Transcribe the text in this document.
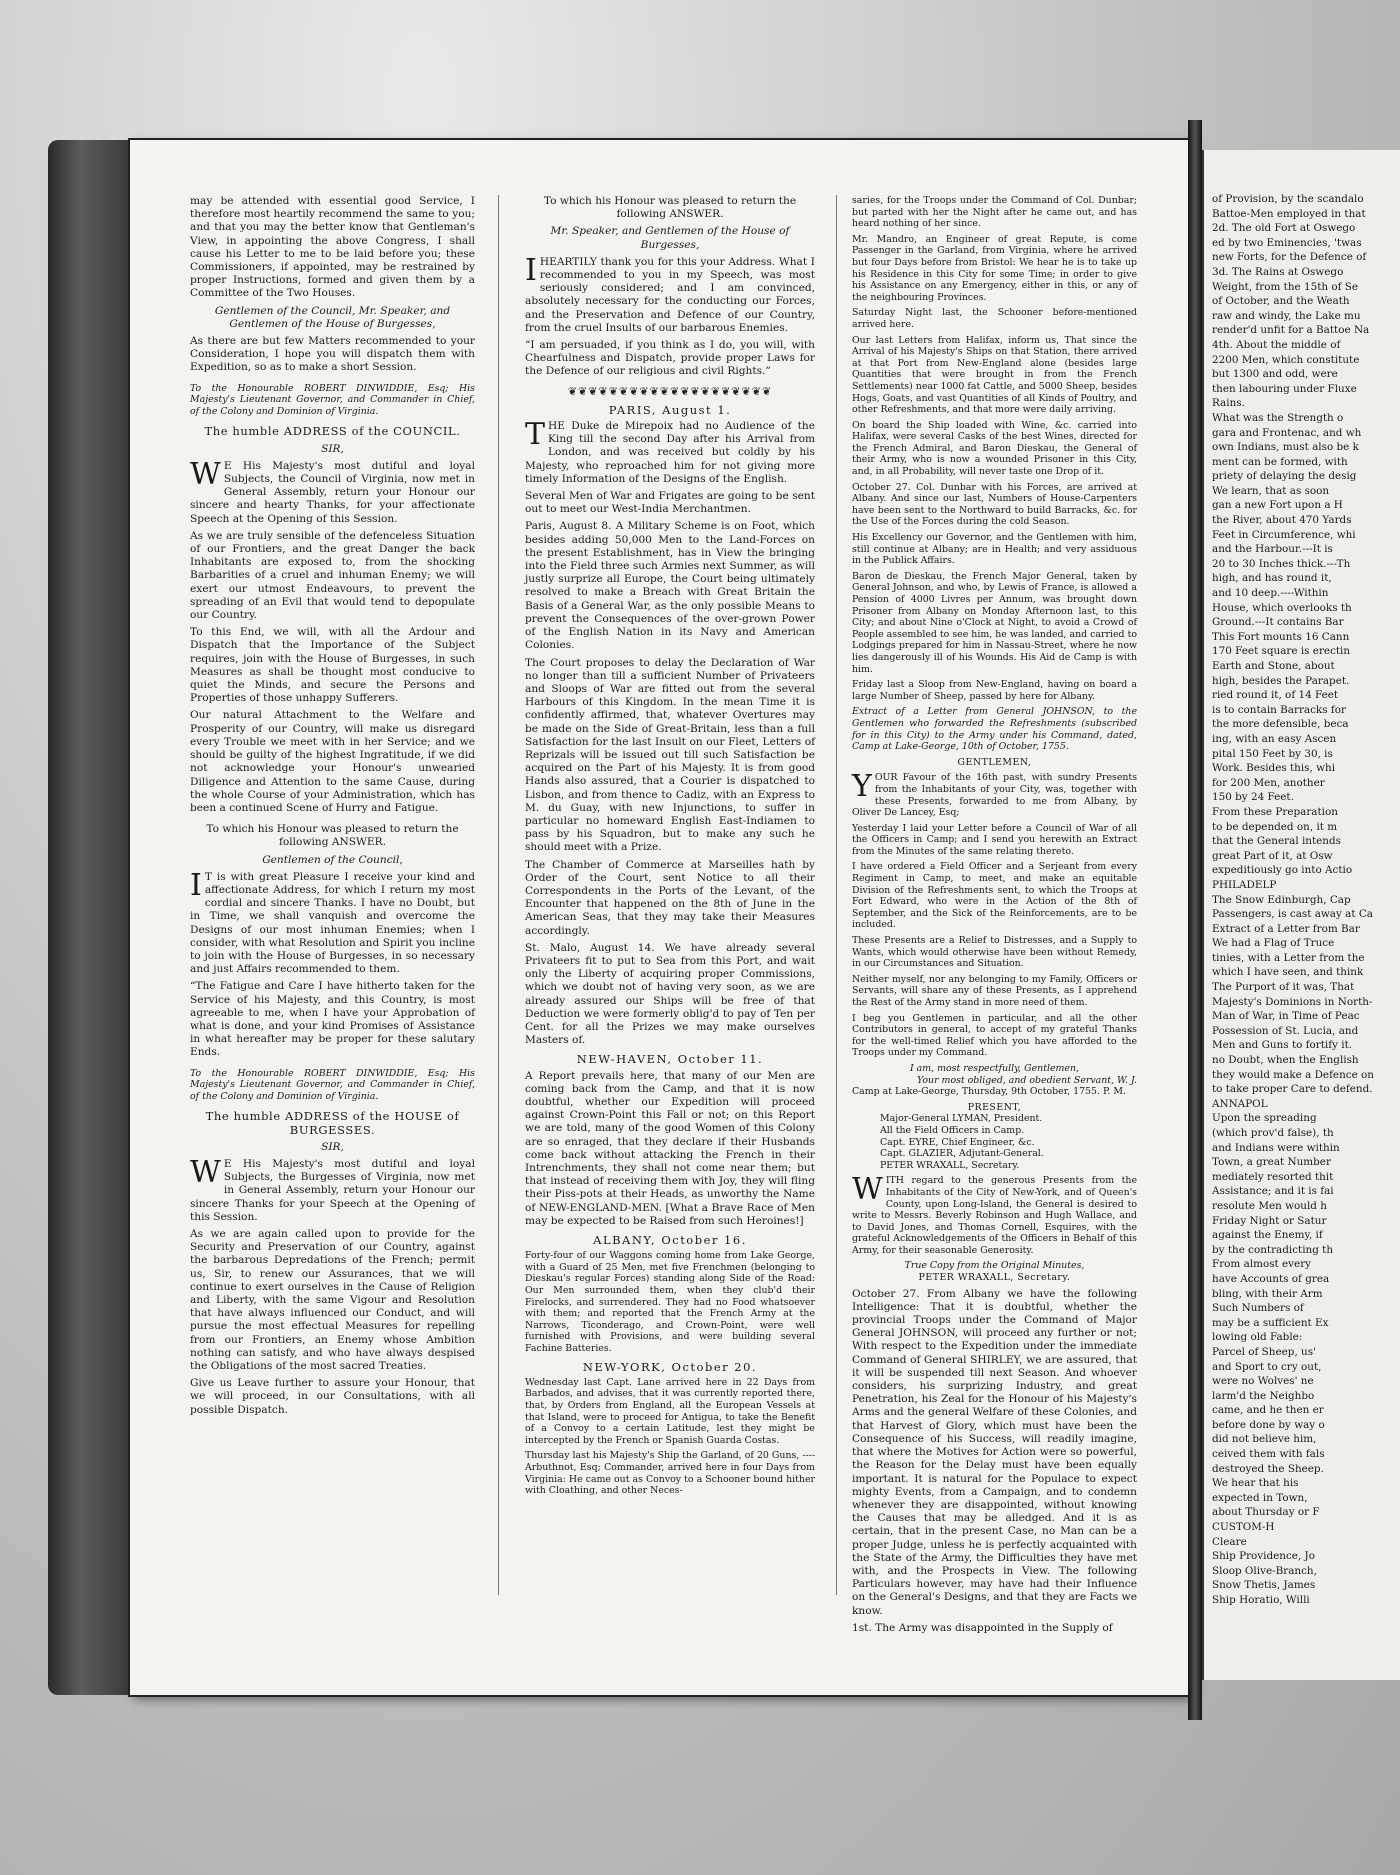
may be attended with essential good Service, I therefore most heartily recommend the same to you; and that you may the better know that Gentleman's View, in appointing the above Congress, I shall cause his Letter to me to be laid before you; these Commissioners, if appointed, may be restrained by proper Instructions, formed and given them by a Committee of the Two Houses.

Gentlemen of the Council, Mr. Speaker, and Gentlemen of the House of Burgesses,

As there are but few Matters recommended to your Consideration, I hope you will dispatch them with Expedition, so as to make a short Session.

To the Honourable ROBERT DINWIDDIE, Esq; His Majesty's Lieutenant Governor, and Commander in Chief, of the Colony and Dominion of Virginia.

The humble ADDRESS of the COUNCIL.

SIR,

WE His Majesty's most dutiful and loyal Subjects, the Council of Virginia, now met in General Assembly, return your Honour our sincere and hearty Thanks, for your affectionate Speech at the Opening of this Session.

As we are truly sensible of the defenceless Situation of our Frontiers, and the great Danger the back Inhabitants are exposed to, from the shocking Barbarities of a cruel and inhuman Enemy; we will exert our utmost Endeavours, to prevent the spreading of an Evil that would tend to depopulate our Country.

To this End, we will, with all the Ardour and Dispatch that the Importance of the Subject requires, join with the House of Burgesses, in such Measures as shall be thought most conducive to quiet the Minds, and secure the Persons and Properties of those unhappy Sufferers.

Our natural Attachment to the Welfare and Prosperity of our Country, will make us disregard every Trouble we meet with in her Service; and we should be guilty of the highest Ingratitude, if we did not acknowledge your Honour's unwearied Diligence and Attention to the same Cause, during the whole Course of your Administration, which has been a continued Scene of Hurry and Fatigue.

To which his Honour was pleased to return the following ANSWER.

Gentlemen of the Council,

IT is with great Pleasure I receive your kind and affectionate Address, for which I return my most cordial and sincere Thanks. I have no Doubt, but in Time, we shall vanquish and overcome the Designs of our most inhuman Enemies; when I consider, with what Resolution and Spirit you incline to join with the House of Burgesses, in so necessary and just Affairs recommended to them.

“The Fatigue and Care I have hitherto taken for the Service of his Majesty, and this Country, is most agreeable to me, when I have your Approbation of what is done, and your kind Promises of Assistance in what hereafter may be proper for these salutary Ends.

To the Honourable ROBERT DINWIDDIE, Esq; His Majesty's Lieutenant Governor, and Commander in Chief, of the Colony and Dominion of Virginia.

The humble ADDRESS of the HOUSE of BURGESSES.

SIR,

WE His Majesty's most dutiful and loyal Subjects, the Burgesses of Virginia, now met in General Assembly, return your Honour our sincere Thanks for your Speech at the Opening of this Session.

As we are again called upon to provide for the Security and Preservation of our Country, against the barbarous Depredations of the French; permit us, Sir, to renew our Assurances, that we will continue to exert ourselves in the Cause of Religion and Liberty, with the same Vigour and Resolution that have always influenced our Conduct, and will pursue the most effectual Measures for repelling from our Frontiers, an Enemy whose Ambition nothing can satisfy, and who have always despised the Obligations of the most sacred Treaties.

Give us Leave further to assure your Honour, that we will proceed, in our Consultations, with all possible Dispatch.

To which his Honour was pleased to return the following ANSWER.

Mr. Speaker, and Gentlemen of the House of Burgesses,

IHEARTILY thank you for this your Address. What I recommended to you in my Speech, was most seriously considered; and I am convinced, absolutely necessary for the conducting our Forces, and the Preservation and Defence of our Country, from the cruel Insults of our barbarous Enemies.

“I am persuaded, if you think as I do, you will, with Chearfulness and Dispatch, provide proper Laws for the Defence of our religious and civil Rights.”

❦❦❦❦❦❦❦❦❦❦❦❦❦❦❦❦❦❦❦❦

PARIS, August 1.

THE Duke de Mirepoix had no Audience of the King till the second Day after his Arrival from London, and was received but coldly by his Majesty, who reproached him for not giving more timely Information of the Designs of the English.

Several Men of War and Frigates are going to be sent out to meet our West-India Merchantmen.

Paris, August 8. A Military Scheme is on Foot, which besides adding 50,000 Men to the Land-Forces on the present Establishment, has in View the bringing into the Field three such Armies next Summer, as will justly surprize all Europe, the Court being ultimately resolved to make a Breach with Great Britain the Basis of a General War, as the only possible Means to prevent the Consequences of the over-grown Power of the English Nation in its Navy and American Colonies.

The Court proposes to delay the Declaration of War no longer than till a sufficient Number of Privateers and Sloops of War are fitted out from the several Harbours of this Kingdom. In the mean Time it is confidently affirmed, that, whatever Overtures may be made on the Side of Great-Britain, less than a full Satisfaction for the last Insult on our Fleet, Letters of Reprizals will be issued out till such Satisfaction be acquired on the Part of his Majesty. It is from good Hands also assured, that a Courier is dispatched to Lisbon, and from thence to Cadiz, with an Express to M. du Guay, with new Injunctions, to suffer in particular no homeward English East-Indiamen to pass by his Squadron, but to make any such he should meet with a Prize.

The Chamber of Commerce at Marseilles hath by Order of the Court, sent Notice to all their Correspondents in the Ports of the Levant, of the Encounter that happened on the 8th of June in the American Seas, that they may take their Measures accordingly.

St. Malo, August 14. We have already several Privateers fit to put to Sea from this Port, and wait only the Liberty of acquiring proper Commissions, which we doubt not of having very soon, as we are already assured our Ships will be free of that Deduction we were formerly oblig'd to pay of Ten per Cent. for all the Prizes we may make ourselves Masters of.

NEW-HAVEN, October 11.

A Report prevails here, that many of our Men are coming back from the Camp, and that it is now doubtful, whether our Expedition will proceed against Crown-Point this Fall or not; on this Report we are told, many of the good Women of this Colony are so enraged, that they declare if their Husbands come back without attacking the French in their Intrenchments, they shall not come near them; but that instead of receiving them with Joy, they will fling their Piss-pots at their Heads, as unworthy the Name of NEW-ENGLAND-MEN. [What a Brave Race of Men may be expected to be Raised from such Heroines!]

ALBANY, October 16.

Forty-four of our Waggons coming home from Lake George, with a Guard of 25 Men, met five Frenchmen (belonging to Dieskau's regular Forces) standing along Side of the Road: Our Men surrounded them, when they club'd their Firelocks, and surrendered. They had no Food whatsoever with them; and reported that the French Army at the Narrows, Ticonderago, and Crown-Point, were well furnished with Provisions, and were building several Fachine Batteries.

NEW-YORK, October 20.

Wednesday last Capt. Lane arrived here in 22 Days from Barbados, and advises, that it was currently reported there, that, by Orders from England, all the European Vessels at that Island, were to proceed for Antigua, to take the Benefit of a Convoy to a certain Latitude, lest they might be intercepted by the French or Spanish Guarda Costas.

Thursday last his Majesty's Ship the Garland, of 20 Guns, ----Arbuthnot, Esq; Commander, arrived here in four Days from Virginia: He came out as Convoy to a Schooner bound hither with Cloathing, and other Neces-

saries, for the Troops under the Command of Col. Dunbar; but parted with her the Night after he came out, and has heard nothing of her since.

Mr. Mandro, an Engineer of great Repute, is come Passenger in the Garland, from Virginia, where he arrived but four Days before from Bristol: We hear he is to take up his Residence in this City for some Time; in order to give his Assistance on any Emergency, either in this, or any of the neighbouring Provinces.

Saturday Night last, the Schooner before-mentioned arrived here.

Our last Letters from Halifax, inform us, That since the Arrival of his Majesty's Ships on that Station, there arrived at that Port from New-England alone (besides large Quantities that were brought in from the French Settlements) near 1000 fat Cattle, and 5000 Sheep, besides Hogs, Goats, and vast Quantities of all Kinds of Poultry, and other Refreshments, and that more were daily arriving.

On board the Ship loaded with Wine, &c. carried into Halifax, were several Casks of the best Wines, directed for the French Admiral, and Baron Dieskau, the General of their Army, who is now a wounded Prisoner in this City, and, in all Probability, will never taste one Drop of it.

October 27. Col. Dunbar with his Forces, are arrived at Albany. And since our last, Numbers of House-Carpenters have been sent to the Northward to build Barracks, &c. for the Use of the Forces during the cold Season.

His Excellency our Governor, and the Gentlemen with him, still continue at Albany; are in Health; and very assiduous in the Publick Affairs.

Baron de Dieskau, the French Major General, taken by General Johnson, and who, by Lewis of France, is allowed a Pension of 4000 Livres per Annum, was brought down Prisoner from Albany on Monday Afternoon last, to this City; and about Nine o'Clock at Night, to avoid a Crowd of People assembled to see him, he was landed, and carried to Lodgings prepared for him in Nassau-Street, where he now lies dangerously ill of his Wounds. His Aid de Camp is with him.

Friday last a Sloop from New-England, having on board a large Number of Sheep, passed by here for Albany.

Extract of a Letter from General JOHNSON, to the Gentlemen who forwarded the Refreshments (subscribed for in this City) to the Army under his Command, dated, Camp at Lake-George, 10th of October, 1755.

GENTLEMEN,

YOUR Favour of the 16th past, with sundry Presents from the Inhabitants of your City, was, together with these Presents, forwarded to me from Albany, by Oliver De Lancey, Esq;

Yesterday I laid your Letter before a Council of War of all the Officers in Camp; and I send you herewith an Extract from the Minutes of the same relating thereto.

I have ordered a Field Officer and a Serjeant from every Regiment in Camp, to meet, and make an equitable Division of the Refreshments sent, to which the Troops at Fort Edward, who were in the Action of the 8th of September, and the Sick of the Reinforcements, are to be included.

These Presents are a Relief to Distresses, and a Supply to Wants, which would otherwise have been without Remedy, in our Circumstances and Situation.

Neither myself, nor any belonging to my Family, Officers or Servants, will share any of these Presents, as I apprehend the Rest of the Army stand in more need of them.

I beg you Gentlemen in particular, and all the other Contributors in general, to accept of my grateful Thanks for the well-timed Relief which you have afforded to the Troops under my Command.

I am, most respectfully, Gentlemen,

Your most obliged, and obedient Servant, W. J.

Camp at Lake-George, Thursday, 9th October, 1755. P. M.

PRESENT,

Major-General LYMAN, President.
All the Field Officers in Camp.
Capt. EYRE, Chief Engineer, &c.
Capt. GLAZIER, Adjutant-General.
PETER WRAXALL, Secretary.

WITH regard to the generous Presents from the Inhabitants of the City of New-York, and of Queen's County, upon Long-Island, the General is desired to write to Messrs. Beverly Robinson and Hugh Wallace, and to David Jones, and Thomas Cornell, Esquires, with the grateful Acknowledgements of the Officers in Behalf of this Army, for their seasonable Generosity.

True Copy from the Original Minutes,

PETER WRAXALL, Secretary.

October 27. From Albany we have the following Intelligence: That it is doubtful, whether the provincial Troops under the Command of Major General JOHNSON, will proceed any further or not; With respect to the Expedition under the immediate Command of General SHIRLEY, we are assured, that it will be suspended till next Season. And whoever considers, his surprizing Industry, and great Penetration, his Zeal for the Honour of his Majesty's Arms and the general Welfare of these Colonies, and that Harvest of Glory, which must have been the Consequence of his Success, will readily imagine, that where the Motives for Action were so powerful, the Reason for the Delay must have been equally important. It is natural for the Populace to expect mighty Events, from a Campaign, and to condemn whenever they are disappointed, without knowing the Causes that may be alledged. And it is as certain, that in the present Case, no Man can be a proper Judge, unless he is perfectly acquainted with the State of the Army, the Difficulties they have met with, and the Prospects in View. The following Particulars however, may have had their Influence on the General's Designs, and that they are Facts we know.

1st. The Army was disappointed in the Supply of

of Provision, by the scandalo
Battoe-Men employed in that
2d. The old Fort at Oswego
ed by two Eminencies, 'twas
new Forts, for the Defence of
3d. The Rains at Oswego
Weight, from the 15th of Se
of October, and the Weath
raw and windy, the Lake mu
render'd unfit for a Battoe Na
4th. About the middle of
2200 Men, which constitute
but 1300 and odd, were
then labouring under Fluxe
Rains.
What was the Strength o
gara and Frontenac, and wh
own Indians, must also be k
ment can be formed, with
priety of delaying the desig
We learn, that as soon
gan a new Fort upon a H
the River, about 470 Yards
Feet in Circumference, whi
and the Harbour.---It is
20 to 30 Inches thick.---Th
high, and has round it,
and 10 deep.----Within
House, which overlooks th
Ground.---It contains Bar
This Fort mounts 16 Cann
170 Feet square is erectin
Earth and Stone, about
high, besides the Parapet.
ried round it, of 14 Feet
is to contain Barracks for
the more defensible, beca
ing, with an easy Ascen
pital 150 Feet by 30, is
Work. Besides this, whi
for 200 Men, another
150 by 24 Feet.
From these Preparation
to be depended on, it m
that the General intends
great Part of it, at Osw
expeditiously go into Actio
PHILADELP
The Snow Edinburgh, Cap
Passengers, is cast away at Ca
Extract of a Letter from Bar
We had a Flag of Truce
tinies, with a Letter from the
which I have seen, and think
The Purport of it was, That
Majesty's Dominions in North-
Man of War, in Time of Peac
Possession of St. Lucia, and
Men and Guns to fortify it.
no Doubt, when the English
they would make a Defence on
to take proper Care to defend.
ANNAPOL
Upon the spreading
(which prov'd false), th
and Indians were within
Town, a great Number
mediately resorted thit
Assistance; and it is fai
resolute Men would h
Friday Night or Satur
against the Enemy, if
by the contradicting th
From almost every
have Accounts of grea
bling, with their Arm
Such Numbers of
may be a sufficient Ex
lowing old Fable:
Parcel of Sheep, us'
and Sport to cry out,
were no Wolves' ne
larm'd the Neighbo
came, and he then er
before done by way o
did not believe him,
ceived them with fals
destroyed the Sheep.
We hear that his
expected in Town,
about Thursday or F
CUSTOM-H
Cleare
Ship Providence, Jo
Sloop Olive-Branch,
Snow Thetis, James
Ship Horatio, Willi
